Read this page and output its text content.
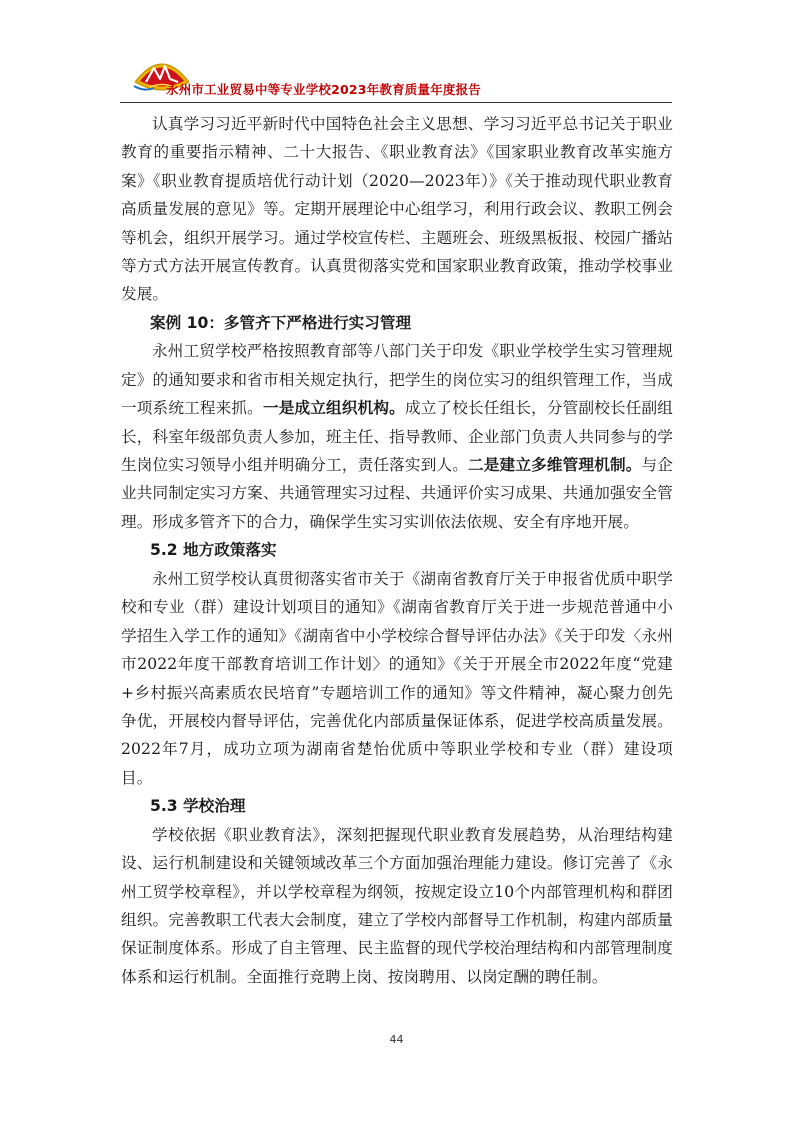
永州市工业贸易中等专业学校2023年教育质量年度报告

认真学习习近平新时代中国特色社会主义思想、学习习近平总书记关于职业教育的重要指示精神、二十大报告、《职业教育法》《国家职业教育改革实施方案》《职业教育提质培优行动计划（2020—2023年）》《关于推动现代职业教育高质量发展的意见》等。定期开展理论中心组学习，利用行政会议、教职工例会等机会，组织开展学习。通过学校宣传栏、主题班会、班级黑板报、校园广播站等方式方法开展宣传教育。认真贯彻落实党和国家职业教育政策，推动学校事业发展。

案例 10：多管齐下严格进行实习管理

永州工贸学校严格按照教育部等八部门关于印发《职业学校学生实习管理规定》的通知要求和省市相关规定执行，把学生的岗位实习的组织管理工作，当成一项系统工程来抓。一是成立组织机构。成立了校长任组长，分管副校长任副组长，科室年级部负责人参加，班主任、指导教师、企业部门负责人共同参与的学生岗位实习领导小组并明确分工，责任落实到人。二是建立多维管理机制。与企业共同制定实习方案、共通管理实习过程、共通评价实习成果、共通加强安全管理。形成多管齐下的合力，确保学生实习实训依法依规、安全有序地开展。

5.2 地方政策落实

永州工贸学校认真贯彻落实省市关于《湖南省教育厅关于申报省优质中职学校和专业（群）建设计划项目的通知》《湖南省教育厅关于进一步规范普通中小学招生入学工作的通知》《湖南省中小学校综合督导评估办法》《关于印发〈永州市2022年度干部教育培训工作计划〉的通知》《关于开展全市2022年度“党建+乡村振兴高素质农民培育”专题培训工作的通知》等文件精神，凝心聚力创先争优，开展校内督导评估，完善优化内部质量保证体系，促进学校高质量发展。2022年7月，成功立项为湖南省楚怡优质中等职业学校和专业（群）建设项目。

5.3 学校治理

学校依据《职业教育法》，深刻把握现代职业教育发展趋势，从治理结构建设、运行机制建设和关键领域改革三个方面加强治理能力建设。修订完善了《永州工贸学校章程》，并以学校章程为纲领，按规定设立10个内部管理机构和群团组织。完善教职工代表大会制度，建立了学校内部督导工作机制，构建内部质量保证制度体系。形成了自主管理、民主监督的现代学校治理结构和内部管理制度体系和运行机制。全面推行竞聘上岗、按岗聘用、以岗定酬的聘任制。

44
